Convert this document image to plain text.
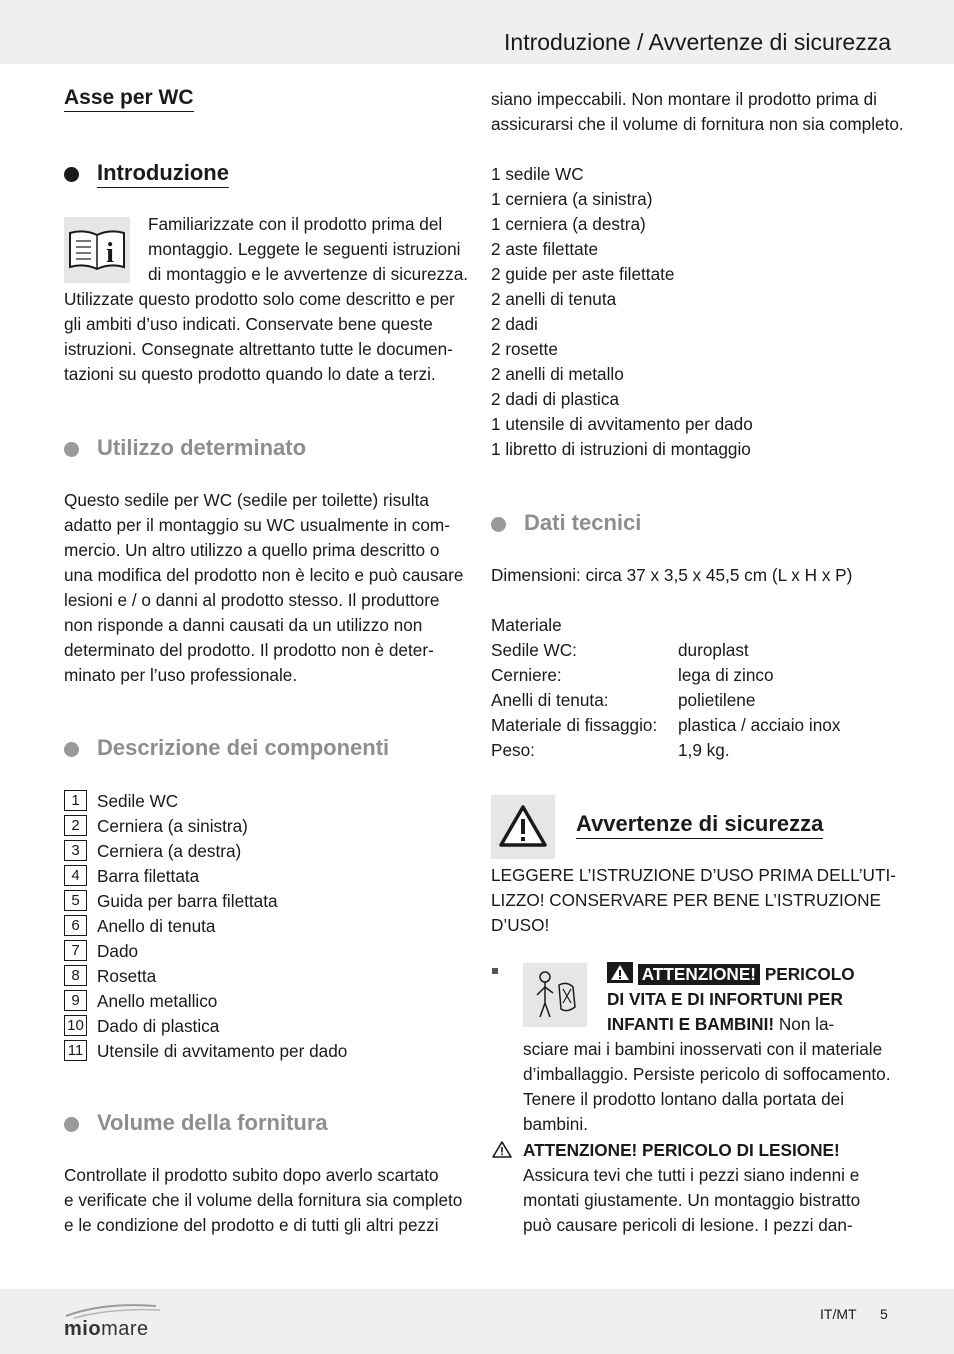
Introduzione / Avvertenze di sicurezza
Asse per WC
Introduzione
i
Familiarizzate con il prodotto prima del
montaggio. Leggete le seguenti istruzioni
di montaggio e le avvertenze di sicurezza.
Utilizzate questo prodotto solo come descritto e per
gli ambiti d’uso indicati. Conservate bene queste
istruzioni. Consegnate altrettanto tutte le documen-
tazioni su questo prodotto quando lo date a terzi.
Utilizzo determinato
Questo sedile per WC (sedile per toilette) risulta
adatto per il montaggio su WC usualmente in com-
mercio. Un altro utilizzo a quello prima descritto o
una modifica del prodotto non è lecito e può causare
lesioni e / o danni al prodotto stesso. Il produttore
non risponde a danni causati da un utilizzo non
determinato del prodotto. Il prodotto non è deter-
minato per l’uso professionale.
Descrizione dei componenti
1	Sedile WC
2	Cerniera (a sinistra)
3	Cerniera (a destra)
4	Barra filettata
5	Guida per barra filettata
6	Anello di tenuta
7	Dado
8	Rosetta
9	Anello metallico
10 Dado di plastica
11 Utensile di avvitamento per dado
Volume della fornitura
Controllate il prodotto subito dopo averlo scartato
e verificate che il volume della fornitura sia completo
e le condizione del prodotto e di tutti gli altri pezzi
siano impeccabili. Non montare il prodotto prima di
assicurarsi che il volume di fornitura non sia completo.
1 sedile WC
1 cerniera (a sinistra)
1 cerniera (a destra)
2 aste filettate
2 guide per aste filettate
2 anelli di tenuta
2 dadi
2 rosette
2 anelli di metallo
2 dadi di plastica
1 utensile di avvitamento per dado
1 libretto di istruzioni di montaggio
Dati tecnici
Dimensioni: circa 37 x 3,5 x 45,5 cm (L x H x P)
Materiale
Sedile WC:	duroplast
Cerniere:	lega di zinco
Anelli di tenuta:	polietilene
Materiale di fissaggio: plastica / acciaio inox
Peso:	1,9 kg.
Avvertenze di sicurezza
LEGGERE L’ISTRUZIONE D’USO PRIMA DELL’UTI-
LIZZO! CONSERVARE PER BENE L’ISTRUZIONE
D’USO!
ATTENZIONE! PERICOLO
DI VITA E DI INFORTUNI PER
INFANTI E BAMBINI! Non la-
sciare mai i bambini inosservati con il materiale
d’imballaggio. Persiste pericolo di soffocamento.
Tenere il prodotto lontano dalla portata dei
bambini.
ATTENZIONE! PERICOLO DI LESIONE!
Assicura tevi che tutti i pezzi siano indenni e
montati giustamente. Un montaggio bistratto
può causare pericoli di lesione. I pezzi dan-
miomare
IT/MT 5
